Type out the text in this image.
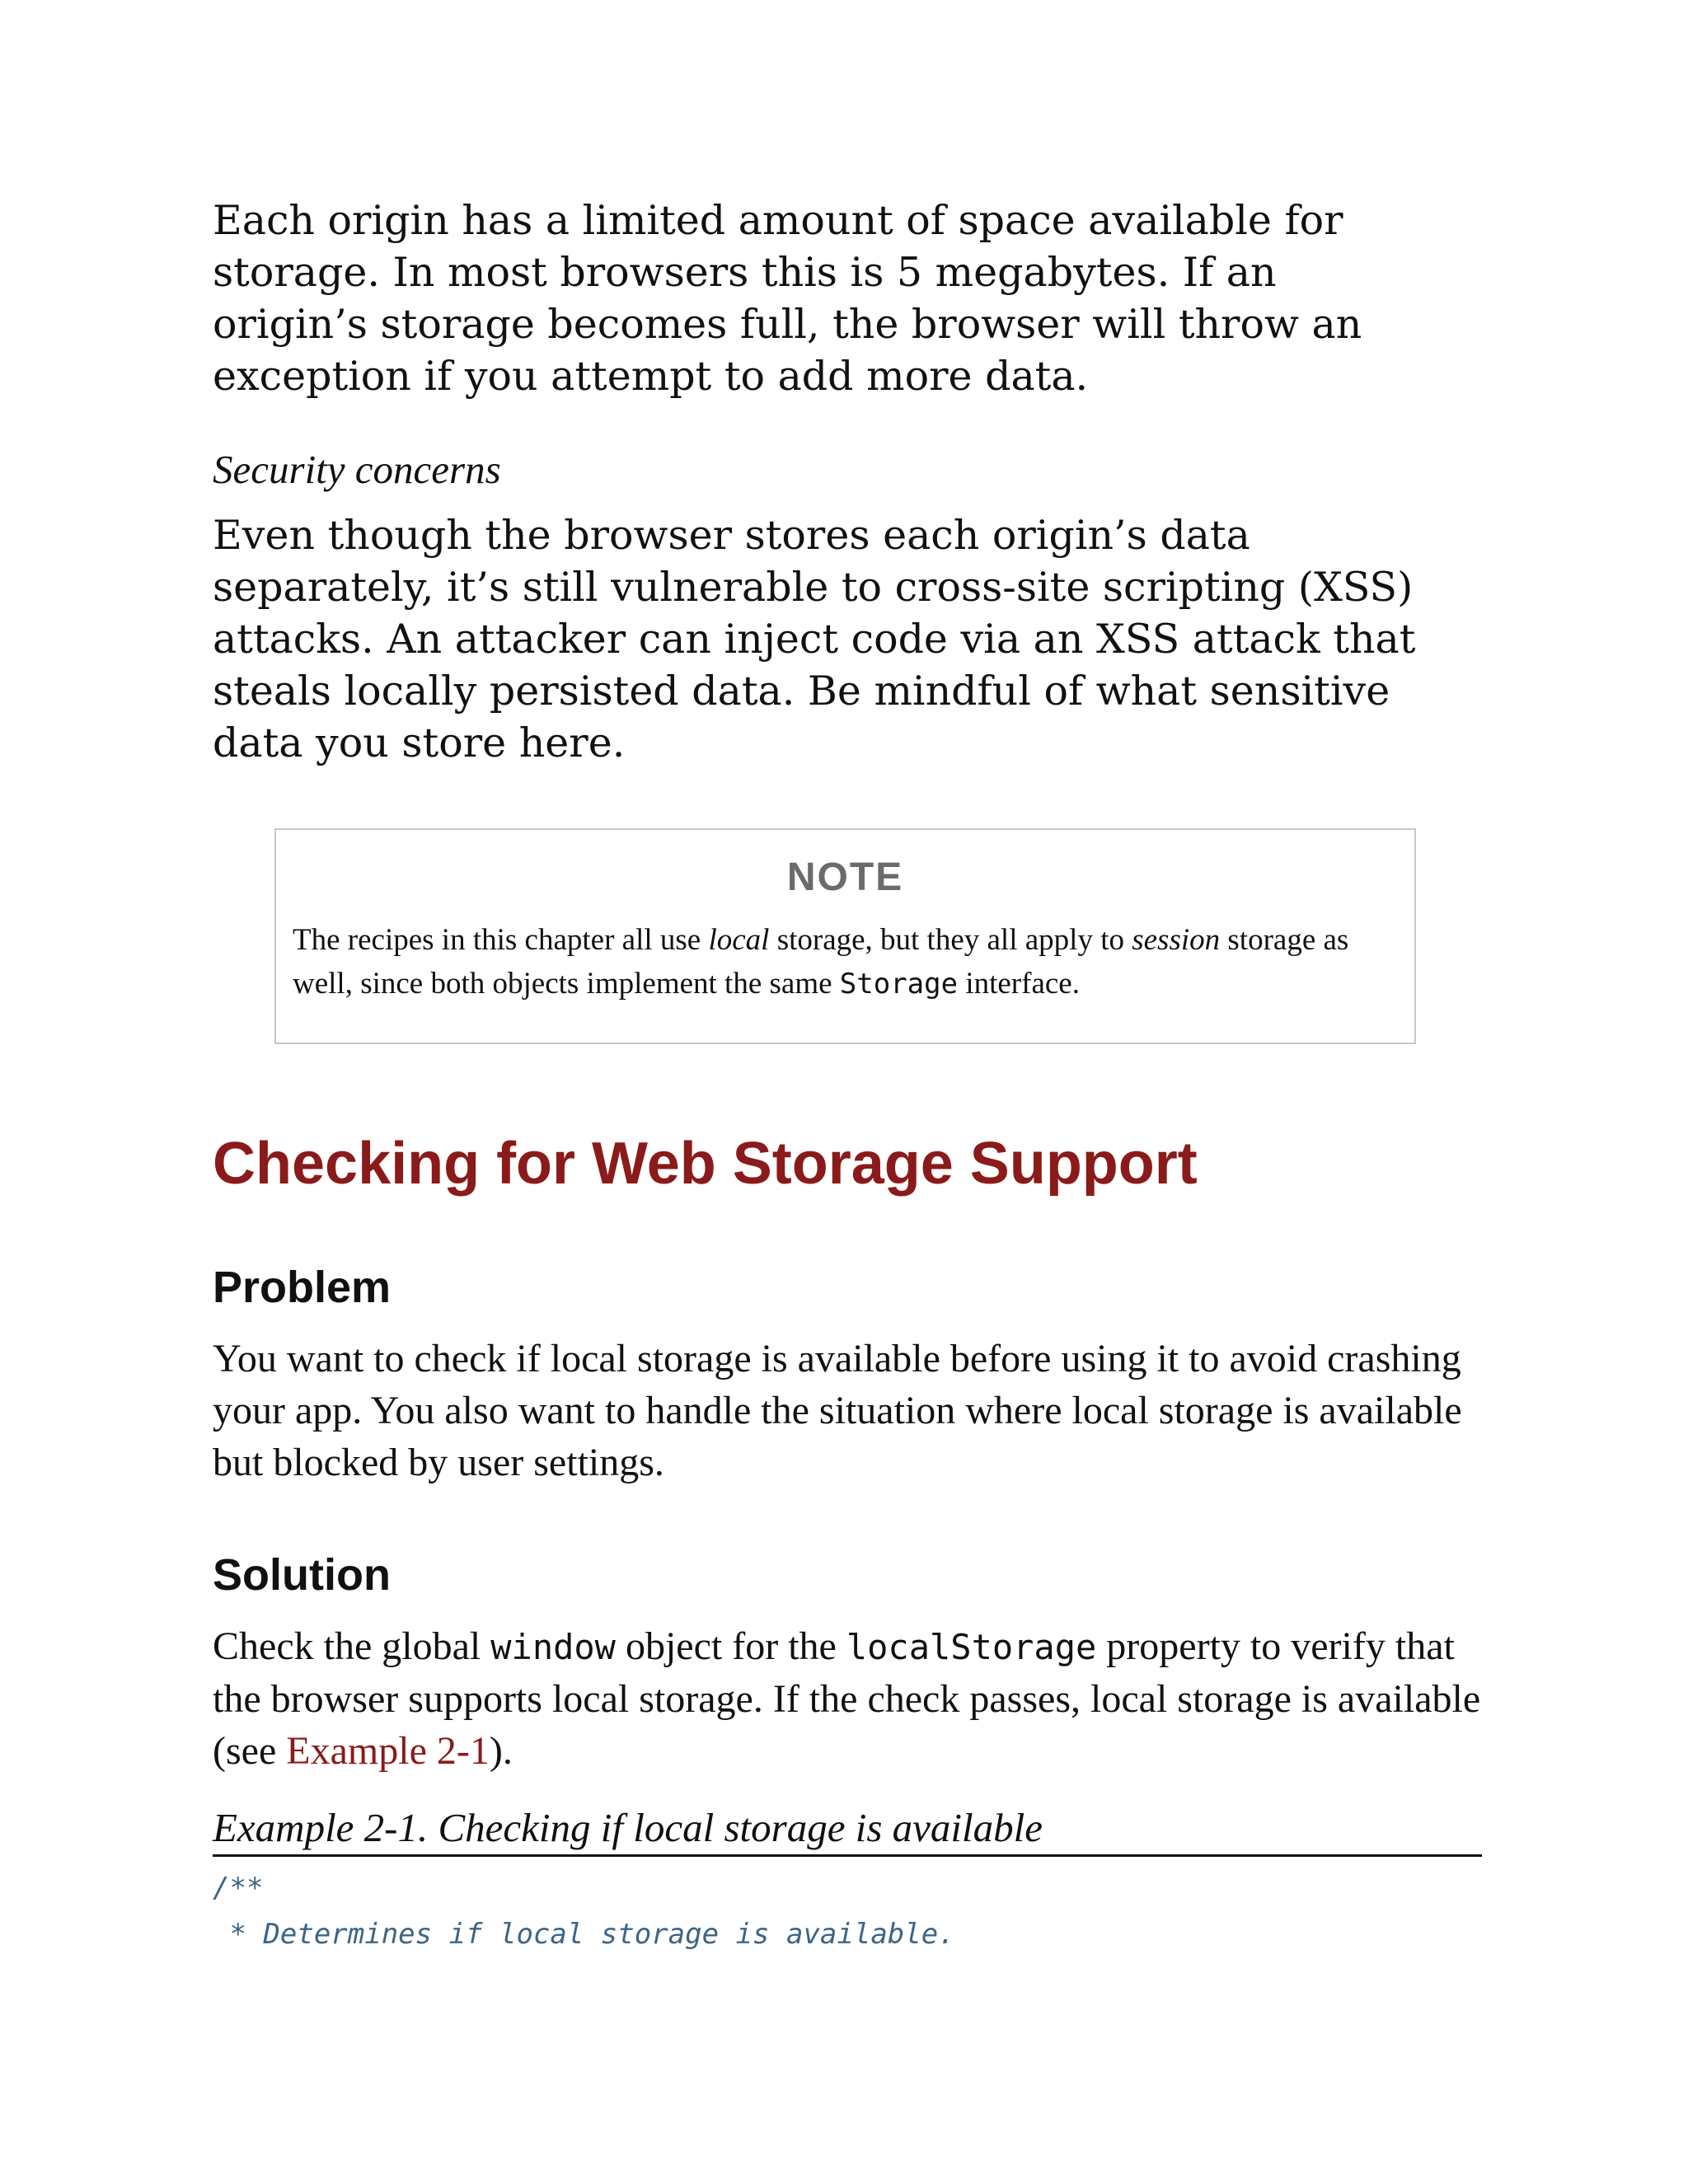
Each origin has a limited amount of space available for storage. In most browsers this is 5 megabytes. If an origin’s storage becomes full, the browser will throw an exception if you attempt to add more data.

Security concerns

Even though the browser stores each origin’s data separately, it’s still vulnerable to cross-site scripting (XSS) attacks. An attacker can inject code via an XSS attack that steals locally persisted data. Be mindful of what sensitive data you store here.

NOTE

The recipes in this chapter all use local storage, but they all apply to session storage as well, since both objects implement the same Storage interface.

Checking for Web Storage Support
Problem

You want to check if local storage is available before using it to avoid crashing your app. You also want to handle the situation where local storage is available but blocked by user settings.

Solution

Check the global window object for the localStorage property to verify that the browser supports local storage. If the check passes, local storage is available (see Example 2-1).

Example 2-1. Checking if local storage is available
/**
* Determines if local storage is available.
